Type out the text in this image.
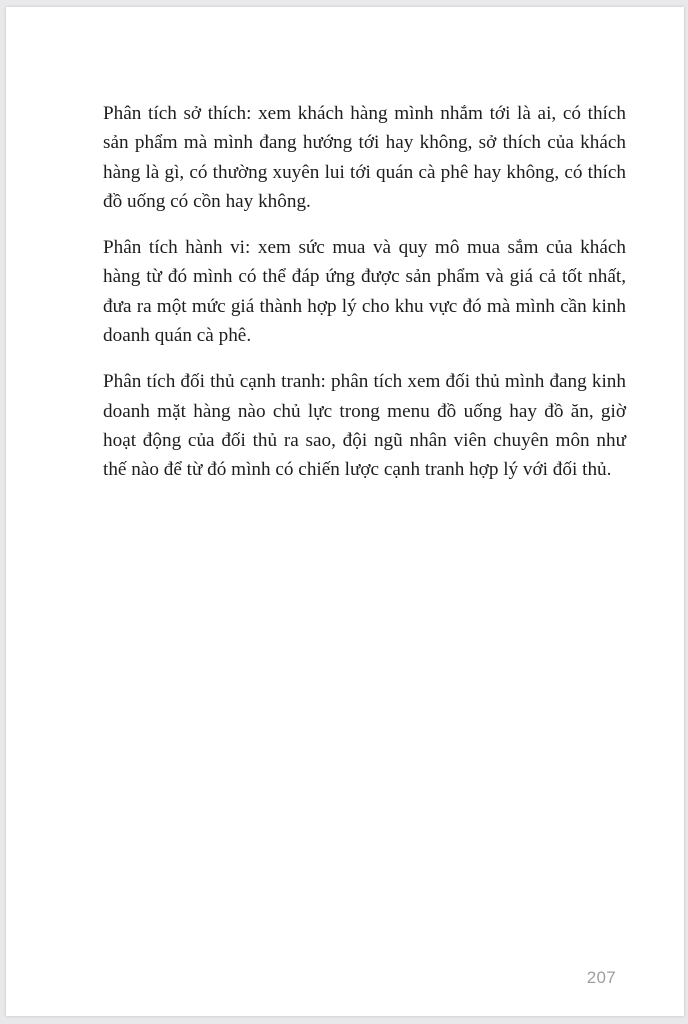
Phân tích sở thích: xem khách hàng mình nhắm tới là ai, có thích sản phẩm mà mình đang hướng tới hay không, sở thích của khách hàng là gì, có thường xuyên lui tới quán cà phê hay không, có thích đồ uống có cồn hay không.

Phân tích hành vi: xem sức mua và quy mô mua sắm của khách hàng từ đó mình có thể đáp ứng được sản phẩm và giá cả tốt nhất, đưa ra một mức giá thành hợp lý cho khu vực đó mà mình cần kinh doanh quán cà phê.

Phân tích đối thủ cạnh tranh: phân tích xem đối thủ mình đang kinh doanh mặt hàng nào chủ lực trong menu đồ uống hay đồ ăn, giờ hoạt động của đối thủ ra sao, đội ngũ nhân viên chuyên môn như thế nào để từ đó mình có chiến lược cạnh tranh hợp lý với đối thủ.

207
